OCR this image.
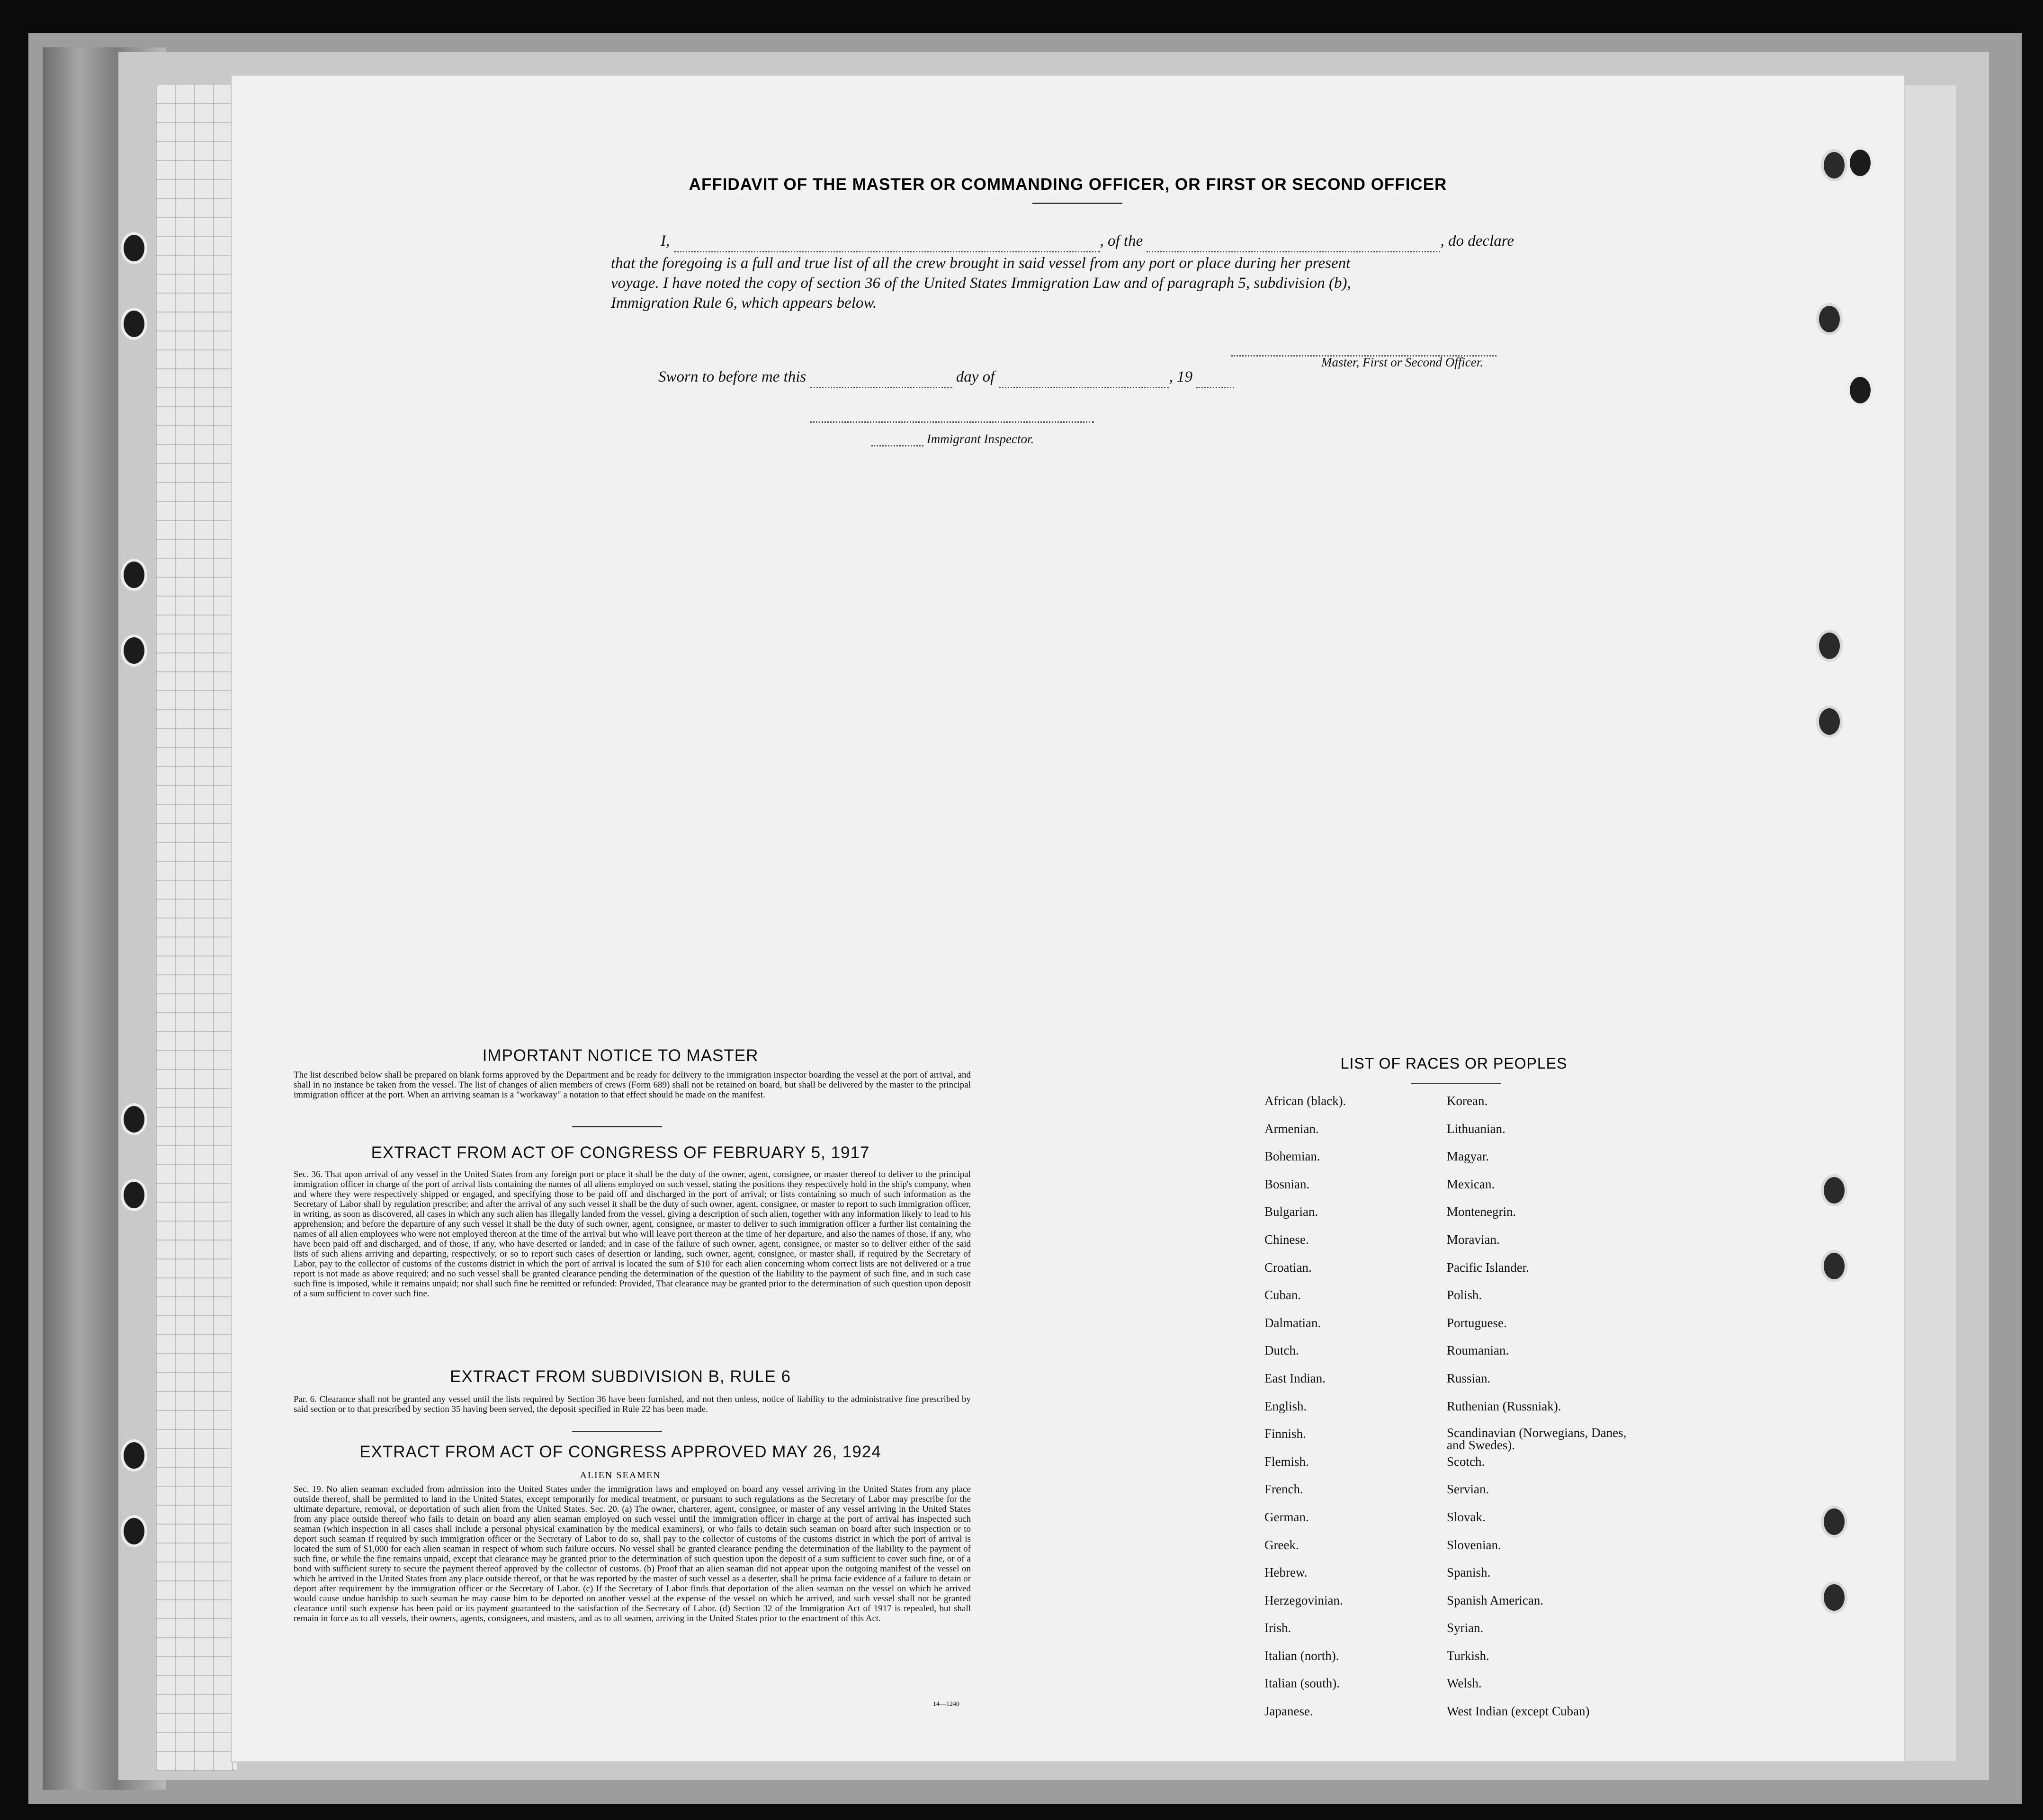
AFFIDAVIT OF THE MASTER OR COMMANDING OFFICER, OR FIRST OR SECOND OFFICER
I,	, of the	, do declare
that the foregoing is a full and true list of all the crew brought in said vessel from any port or place during her present
voyage. I have noted the copy of section 36 of the United States Immigration Law and of paragraph 5, subdivision (b),
Immigration Rule 6, which appears below.
Master, First or Second Officer.
Sworn to before me this	day of	, 19
Immigrant Inspector.
IMPORTANT NOTICE TO MASTER
The list described below shall be prepared on blank forms approved by the Department and be ready for delivery to the immigration inspector boarding the vessel at the port of arrival, and shall in no instance be taken from the vessel. The list of changes of alien members of crews (Form 689) shall not be retained on board, but shall be delivered by the master to the principal immigration officer at the port. When an arriving seaman is a "workaway" a notation to that effect should be made on the manifest.
EXTRACT FROM ACT OF CONGRESS OF FEBRUARY 5, 1917
Sec. 36. That upon arrival of any vessel in the United States from any foreign port or place it shall be the duty of the owner, agent, consignee, or master thereof to deliver to the principal immigration officer in charge of the port of arrival lists containing the names of all aliens employed on such vessel, stating the positions they respectively hold in the ship's company, when and where they were respectively shipped or engaged, and specifying those to be paid off and discharged in the port of arrival; or lists containing so much of such information as the Secretary of Labor shall by regulation prescribe; and after the arrival of any such vessel it shall be the duty of such owner, agent, consignee, or master to report to such immigration officer, in writing, as soon as discovered, all cases in which any such alien has illegally landed from the vessel, giving a description of such alien, together with any information likely to lead to his apprehension; and before the departure of any such vessel it shall be the duty of such owner, agent, consignee, or master to deliver to such immigration officer a further list containing the names of all alien employees who were not employed thereon at the time of the arrival but who will leave port thereon at the time of her departure, and also the names of those, if any, who have been paid off and discharged, and of those, if any, who have deserted or landed; and in case of the failure of such owner, agent, consignee, or master so to deliver either of the said lists of such aliens arriving and departing, respectively, or so to report such cases of desertion or landing, such owner, agent, consignee, or master shall, if required by the Secretary of Labor, pay to the collector of customs of the customs district in which the port of arrival is located the sum of $10 for each alien concerning whom correct lists are not delivered or a true report is not made as above required; and no such vessel shall be granted clearance pending the determination of the question of the liability to the payment of such fine, and in such case such fine is imposed, while it remains unpaid; nor shall such fine be remitted or refunded: Provided, That clearance may be granted prior to the determination of such question upon deposit of a sum sufficient to cover such fine.
EXTRACT FROM SUBDIVISION B, RULE 6
Par. 6. Clearance shall not be granted any vessel until the lists required by Section 36 have been furnished, and not then unless, notice of liability to the administrative fine prescribed by said section or to that prescribed by section 35 having been served, the deposit specified in Rule 22 has been made.
EXTRACT FROM ACT OF CONGRESS APPROVED MAY 26, 1924
ALIEN SEAMEN
Sec. 19. No alien seaman excluded from admission into the United States under the immigration laws and employed on board any vessel arriving in the United States from any place outside thereof, shall be permitted to land in the United States, except temporarily for medical treatment, or pursuant to such regulations as the Secretary of Labor may prescribe for the ultimate departure, removal, or deportation of such alien from the United States. Sec. 20. (a) The owner, charterer, agent, consignee, or master of any vessel arriving in the United States from any place outside thereof who fails to detain on board any alien seaman employed on such vessel until the immigration officer in charge at the port of arrival has inspected such seaman (which inspection in all cases shall include a personal physical examination by the medical examiners), or who fails to detain such seaman on board after such inspection or to deport such seaman if required by such immigration officer or the Secretary of Labor to do so, shall pay to the collector of customs of the customs district in which the port of arrival is located the sum of $1,000 for each alien seaman in respect of whom such failure occurs. No vessel shall be granted clearance pending the determination of the liability to the payment of such fine, or while the fine remains unpaid, except that clearance may be granted prior to the determination of such question upon the deposit of a sum sufficient to cover such fine, or of a bond with sufficient surety to secure the payment thereof approved by the collector of customs. (b) Proof that an alien seaman did not appear upon the outgoing manifest of the vessel on which he arrived in the United States from any place outside thereof, or that he was reported by the master of such vessel as a deserter, shall be prima facie evidence of a failure to detain or deport after requirement by the immigration officer or the Secretary of Labor. (c) If the Secretary of Labor finds that deportation of the alien seaman on the vessel on which he arrived would cause undue hardship to such seaman he may cause him to be deported on another vessel at the expense of the vessel on which he arrived, and such vessel shall not be granted clearance until such expense has been paid or its payment guaranteed to the satisfaction of the Secretary of Labor. (d) Section 32 of the Immigration Act of 1917 is repealed, but shall remain in force as to all vessels, their owners, agents, consignees, and masters, and as to all seamen, arriving in the United States prior to the enactment of this Act.
14—1240
LIST OF RACES OR PEOPLES
African (black).
Armenian.
Bohemian.
Bosnian.
Bulgarian.
Chinese.
Croatian.
Cuban.
Dalmatian.
Dutch.
East Indian.
English.
Finnish.
Flemish.
French.
German.
Greek.
Hebrew.
Herzegovinian.
Irish.
Italian (north).
Italian (south).
Japanese.
Korean.
Lithuanian.
Magyar.
Mexican.
Montenegrin.
Moravian.
Pacific Islander.
Polish.
Portuguese.
Roumanian.
Russian.
Ruthenian (Russniak).
Scandinavian (Norwegians, Danes, and Swedes).
Scotch.
Servian.
Slovak.
Slovenian.
Spanish.
Spanish American.
Syrian.
Turkish.
Welsh.
West Indian (except Cuban)
